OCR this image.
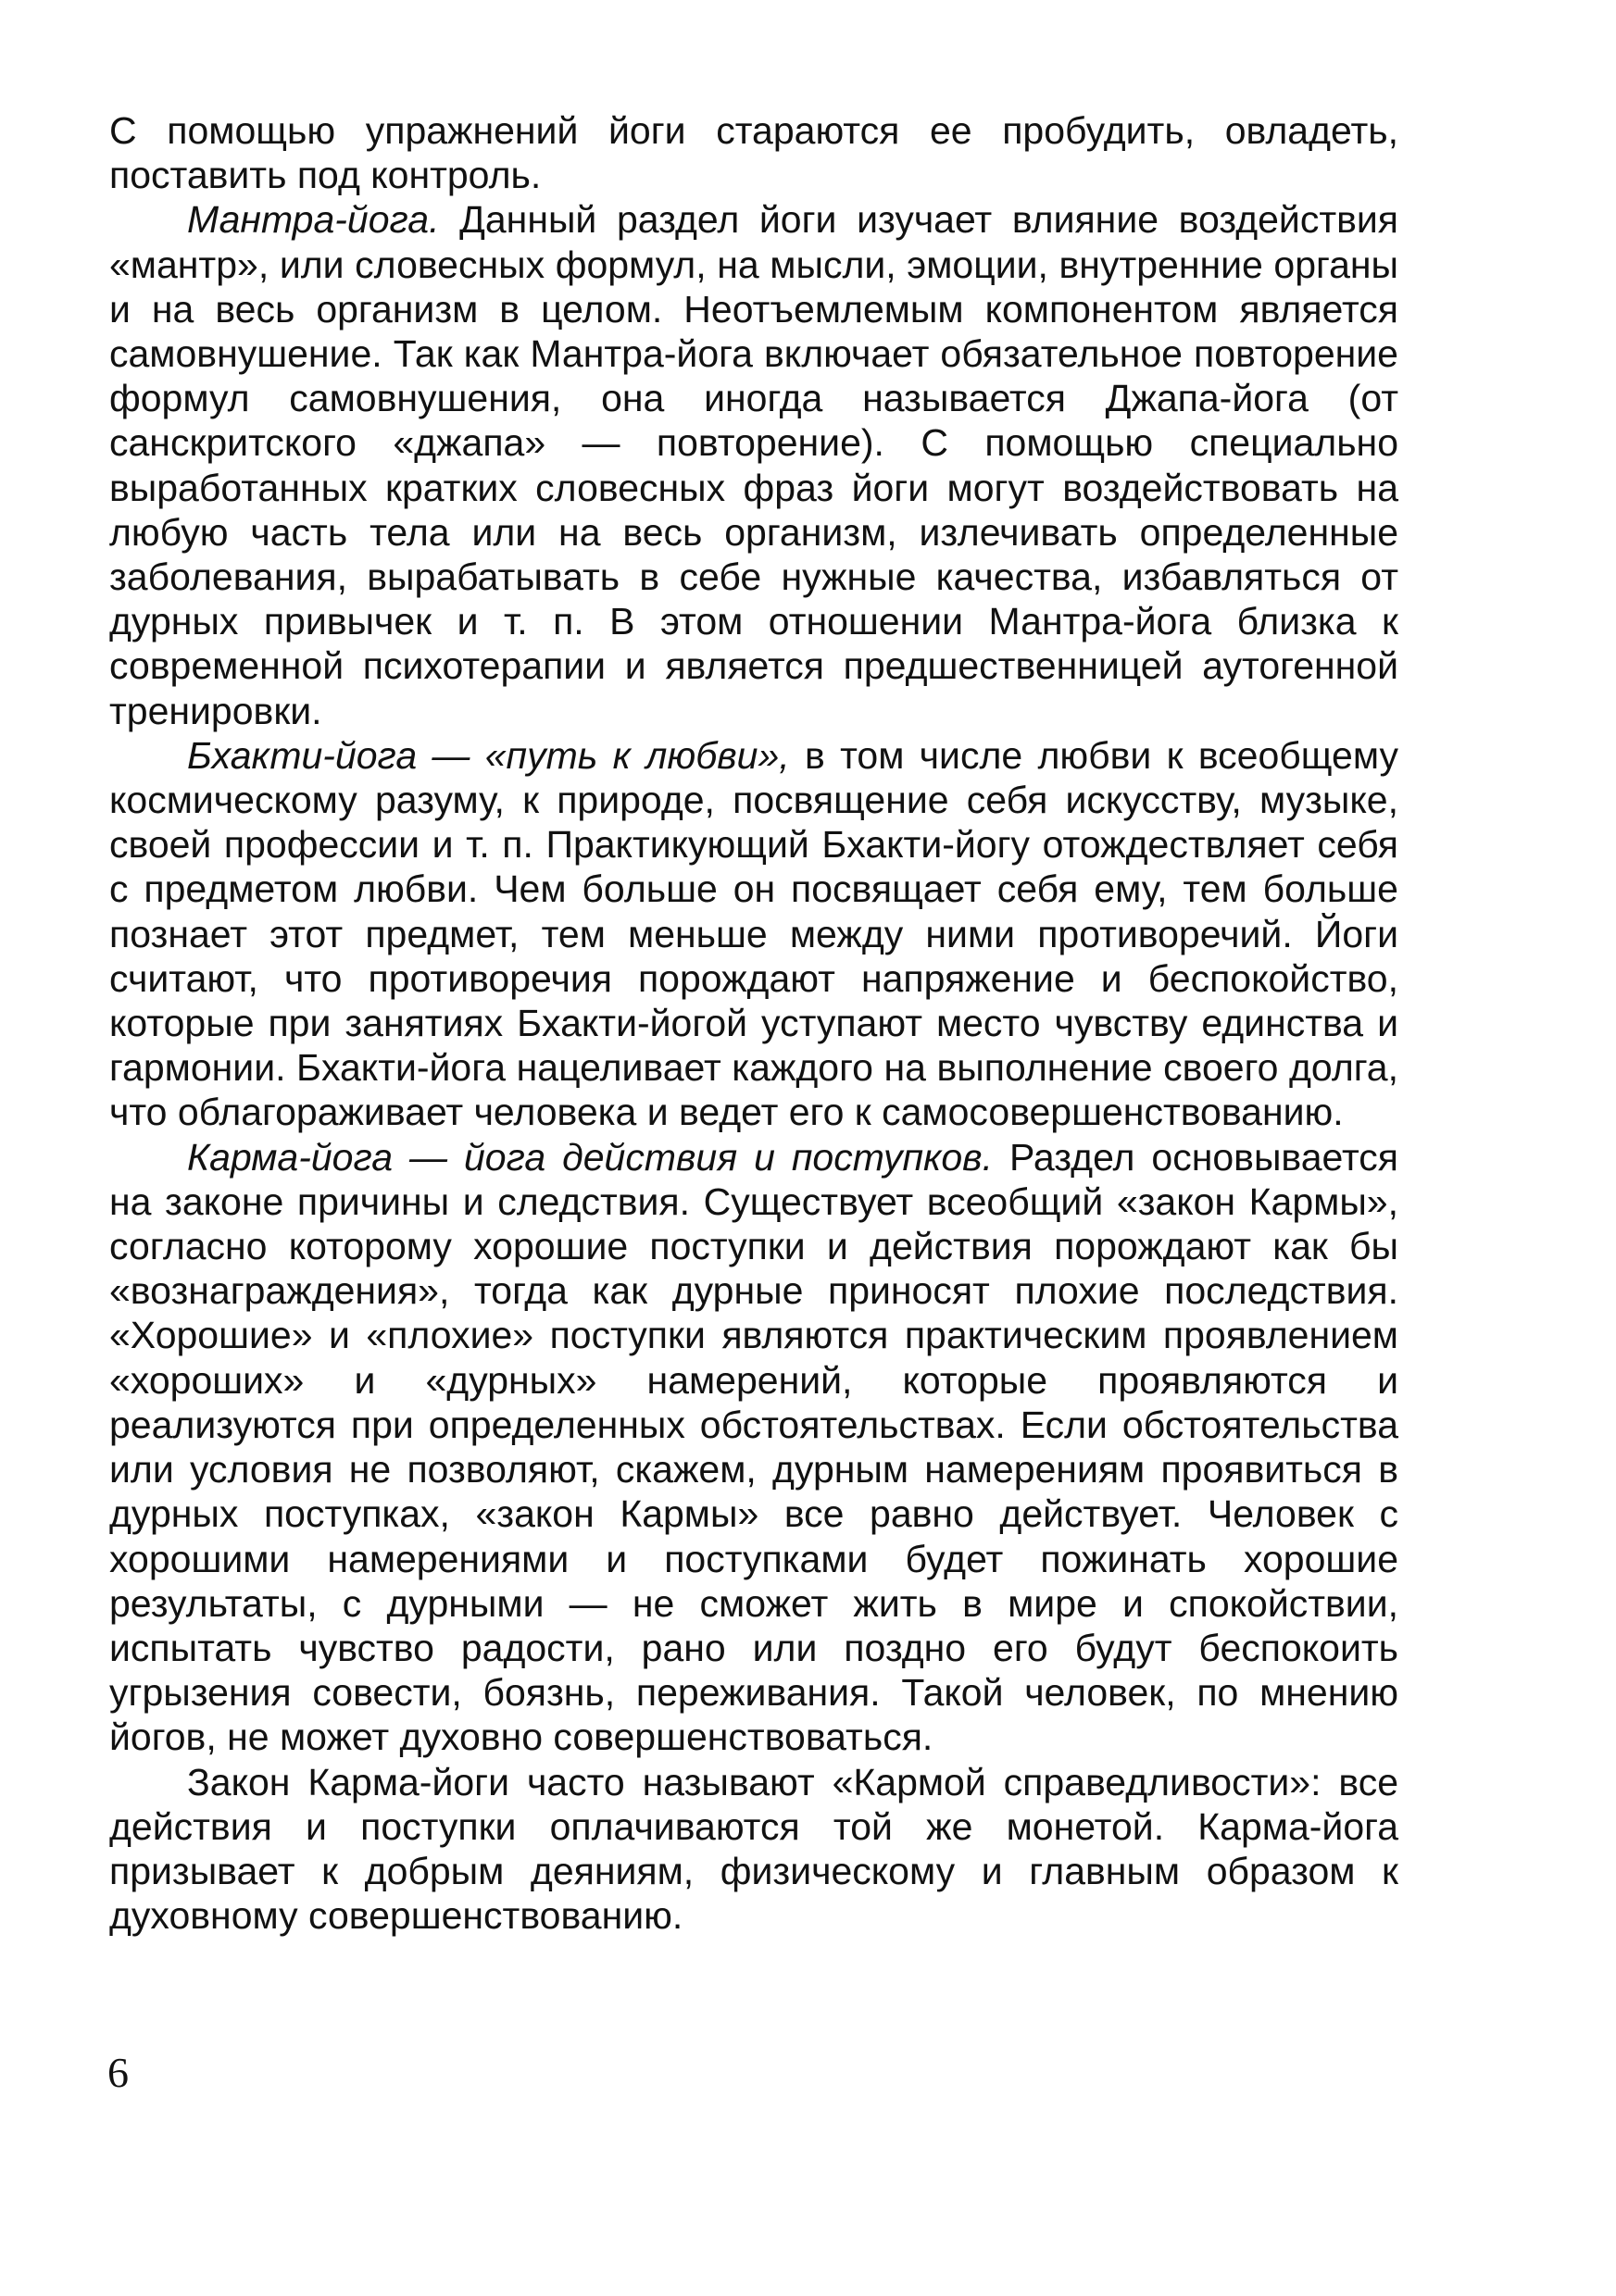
С помощью упражнений йоги стараются ее пробудить, овладеть, поставить под контроль.

Мантра-йога. Данный раздел йоги изучает влияние воздействия «мантр», или словесных формул, на мысли, эмоции, внутренние органы и на весь организм в целом. Неотъемлемым компонентом является самовнушение. Так как Мантра-йога включает обязательное повторение формул самовнушения, она иногда называется Джапа-йога (от санскритского «джапа» — повторение). С помощью специально выработанных кратких словесных фраз йоги могут воздействовать на любую часть тела или на весь организм, излечивать определенные заболевания, вырабатывать в себе нужные качества, избавляться от дурных привычек и т. п. В этом отношении Мантра-йога близка к современной психотерапии и является предшественницей аутогенной тренировки.

Бхакти-йога — «путь к любви», в том числе любви к всеобщему космическому разуму, к природе, посвящение себя искусству, музыке, своей профессии и т. п. Практикующий Бхакти-йогу отождествляет себя с предметом любви. Чем больше он посвящает себя ему, тем больше познает этот предмет, тем меньше между ними противоречий. Йоги считают, что противоречия порождают напряжение и беспокойство, которые при занятиях Бхакти-йогой уступают место чувству единства и гармонии. Бхакти-йога нацеливает каждого на выполнение своего долга, что облагораживает человека и ведет его к самосовершенствованию.

Карма-йога — йога действия и поступков. Раздел основывается на законе причины и следствия. Существует всеобщий «закон Кармы», согласно которому хорошие поступки и действия порождают как бы «вознаграждения», тогда как дурные приносят плохие последствия. «Хорошие» и «плохие» поступки являются практическим проявлением «хороших» и «дурных» намерений, которые проявляются и реализуются при определенных обстоятельствах. Если обстоятельства или условия не позволяют, скажем, дурным намерениям проявиться в дурных поступках, «закон Кармы» все равно действует. Человек с хорошими намерениями и поступками будет пожинать хорошие результаты, с дурными — не сможет жить в мире и спокойствии, испытать чувство радости, рано или поздно его будут беспокоить угрызения совести, боязнь, переживания. Такой человек, по мнению йогов, не может духовно совершенствоваться.

Закон Карма-йоги часто называют «Кармой справедливости»: все действия и поступки оплачиваются той же монетой. Карма-йога призывает к добрым деяниям, физическому и главным образом к духовному совершенствованию.

6
